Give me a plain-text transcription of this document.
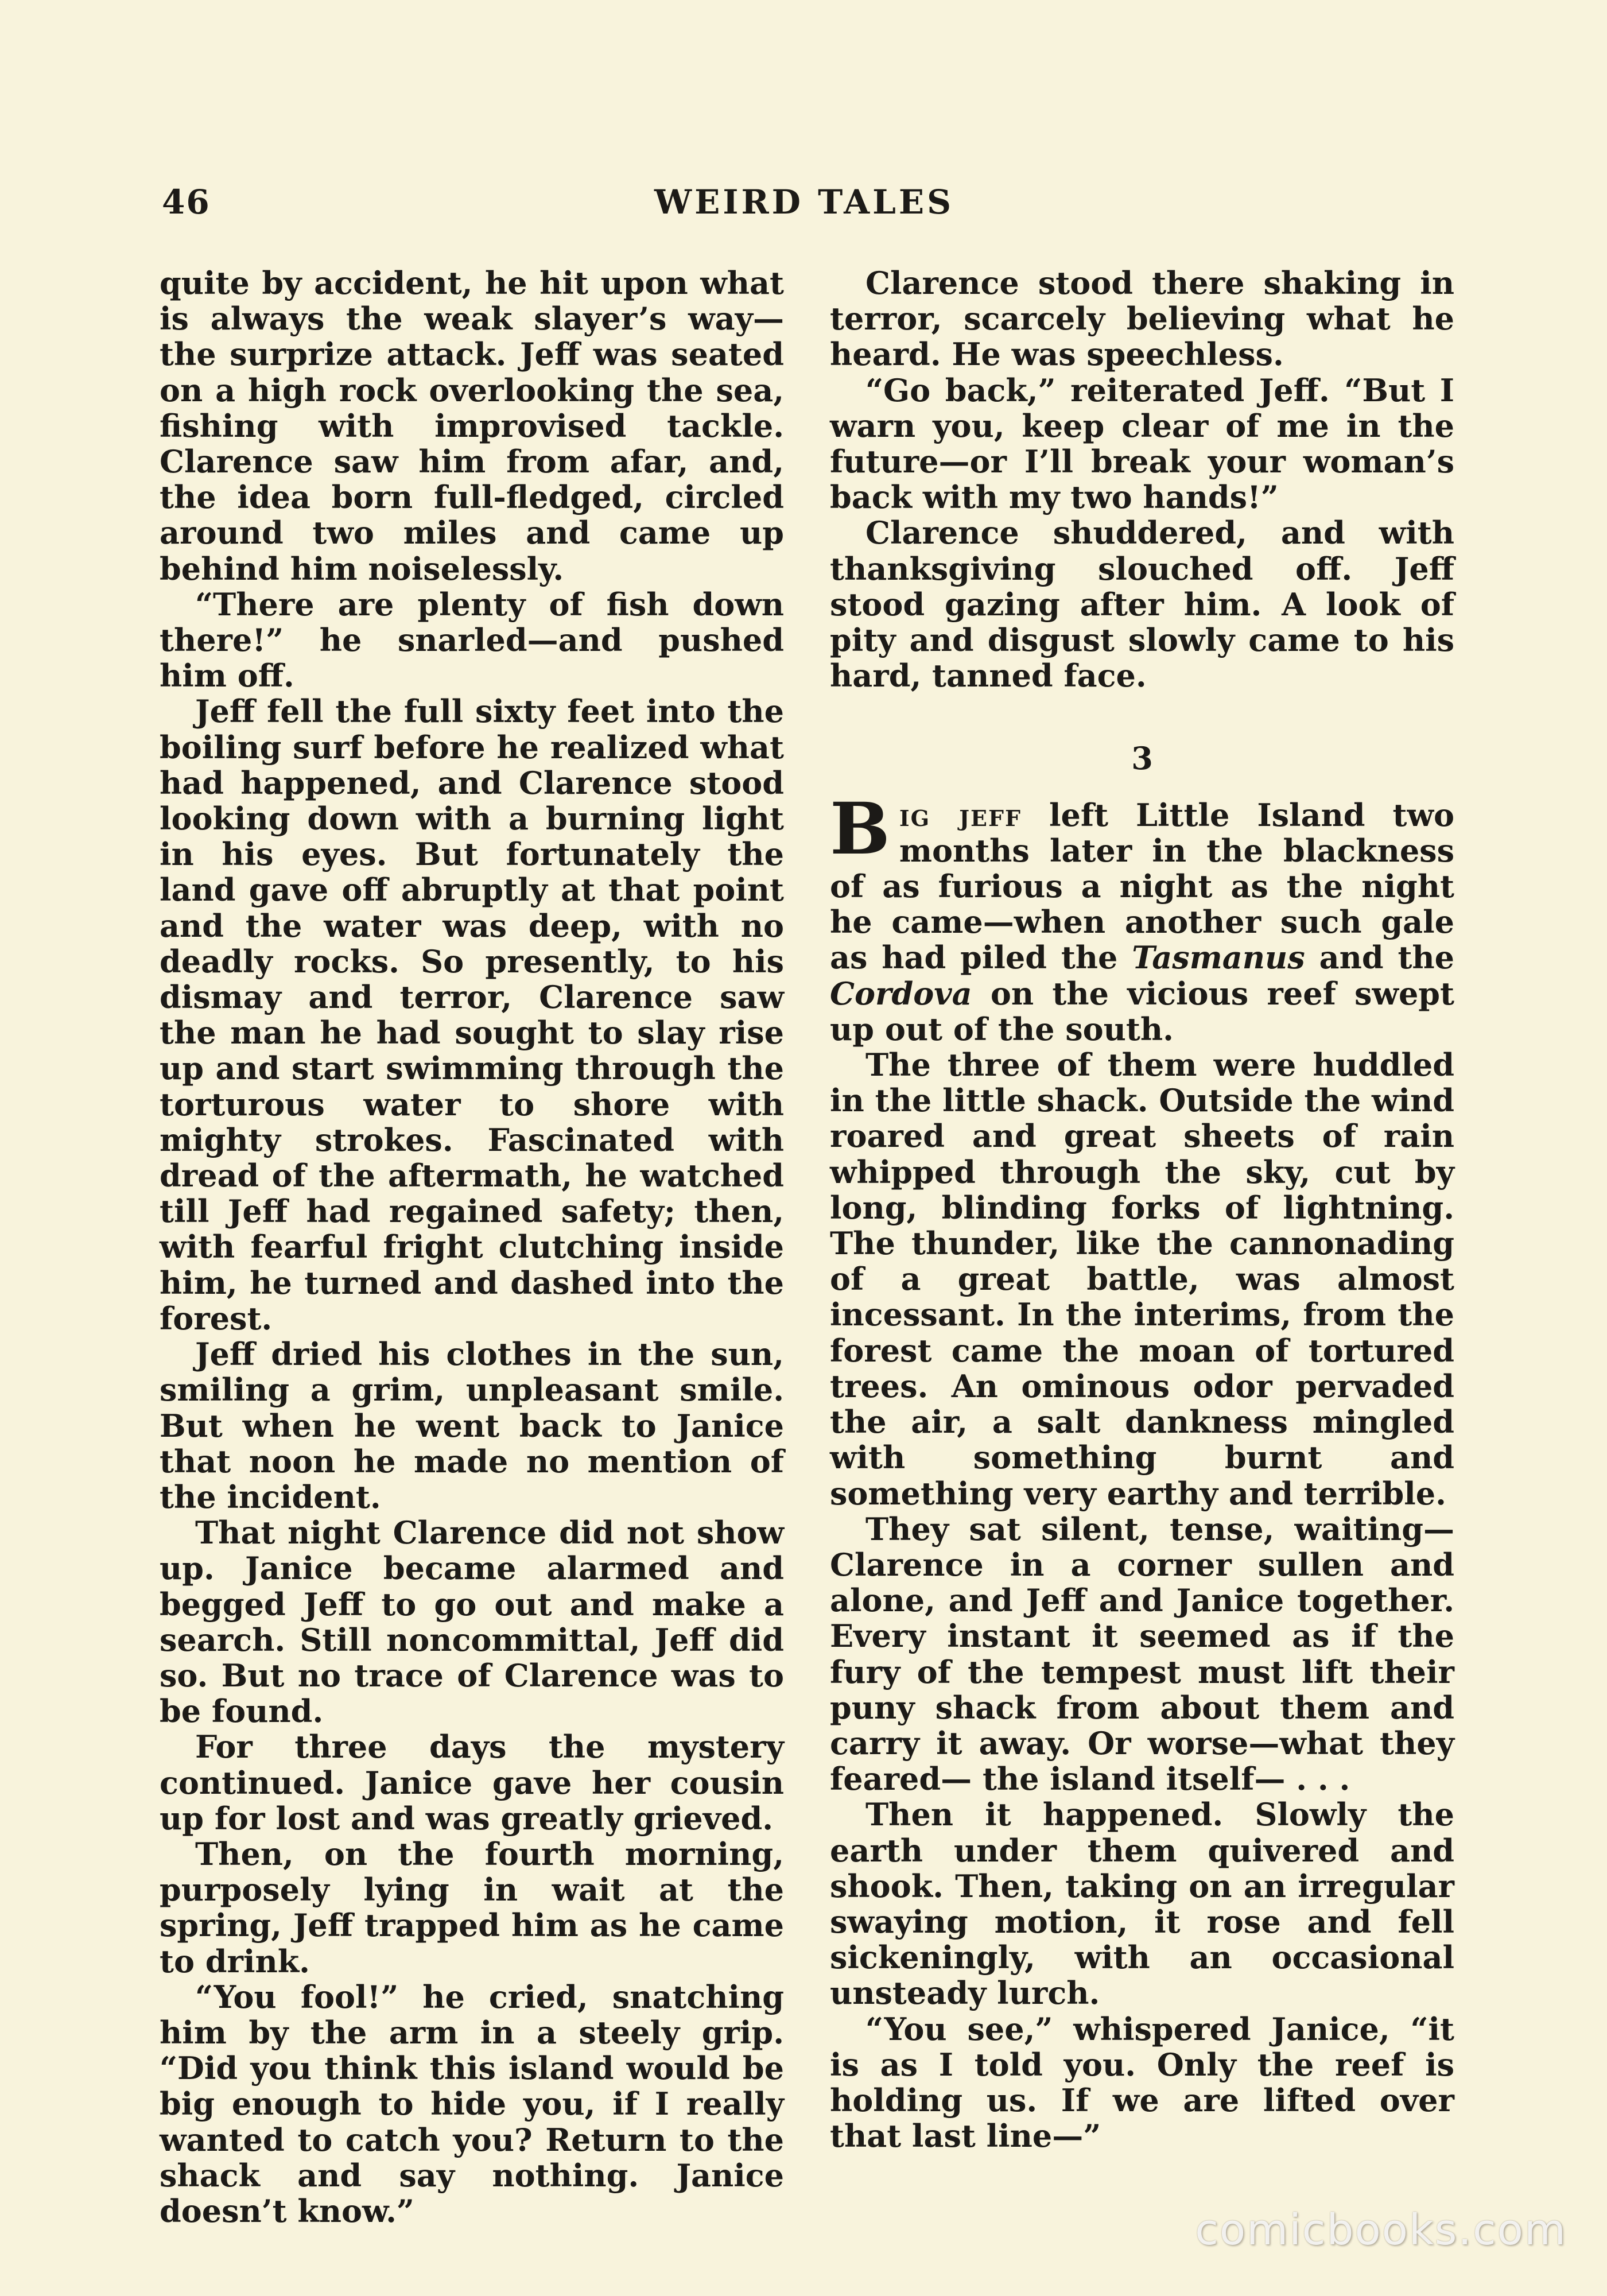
46	WEIRD TALES

quite by accident, he hit upon what is always the weak slayer’s way—the surprize attack. Jeff was seated on a high rock overlooking the sea, fishing with improvised tackle. Clarence saw him from afar, and, the idea born full-fledged, circled around two miles and came up behind him noiselessly.

“There are plenty of fish down there!” he snarled—and pushed him off.

Jeff fell the full sixty feet into the boiling surf before he realized what had happened, and Clarence stood looking down with a burning light in his eyes. But fortunately the land gave off abruptly at that point and the water was deep, with no deadly rocks. So presently, to his dismay and terror, Clarence saw the man he had sought to slay rise up and start swimming through the torturous water to shore with mighty strokes. Fascinated with dread of the aftermath, he watched till Jeff had regained safety; then, with fearful fright clutching inside him, he turned and dashed into the forest.

Jeff dried his clothes in the sun, smiling a grim, unpleasant smile. But when he went back to Janice that noon he made no mention of the incident.

That night Clarence did not show up. Janice became alarmed and begged Jeff to go out and make a search. Still noncommittal, Jeff did so. But no trace of Clarence was to be found.

For three days the mystery continued. Janice gave her cousin up for lost and was greatly grieved.

Then, on the fourth morning, purposely lying in wait at the spring, Jeff trapped him as he came to drink.

“You fool!” he cried, snatching him by the arm in a steely grip. “Did you think this island would be big enough to hide you, if I really wanted to catch you? Return to the shack and say nothing. Janice doesn’t know.”

Clarence stood there shaking in terror, scarcely believing what he heard. He was speechless.

“Go back,” reiterated Jeff. “But I warn you, keep clear of me in the future—or I’ll break your woman’s back with my two hands!”

Clarence shuddered, and with thanksgiving slouched off. Jeff stood gazing after him. A look of pity and disgust slowly came to his hard, tanned face.

3

Big jeff left Little Island two months later in the blackness of as furious a night as the night he came—when another such gale as had piled the Tasmanus and the Cordova on the vicious reef swept up out of the south.

The three of them were huddled in the little shack. Outside the wind roared and great sheets of rain whipped through the sky, cut by long, blinding forks of lightning. The thunder, like the cannonading of a great battle, was almost incessant. In the interims, from the forest came the moan of tortured trees. An ominous odor pervaded the air, a salt dankness mingled with something burnt and something very earthy and terrible.

They sat silent, tense, waiting—Clarence in a corner sullen and alone, and Jeff and Janice together. Every instant it seemed as if the fury of the tempest must lift their puny shack from about them and carry it away. Or worse—what they feared— the island itself— . . .

Then it happened. Slowly the earth under them quivered and shook. Then, taking on an irregular swaying motion, it rose and fell sickeningly, with an occasional unsteady lurch.

“You see,” whispered Janice, “it is as I told you. Only the reef is holding us. If we are lifted over that last line—”

comicbooks.com
